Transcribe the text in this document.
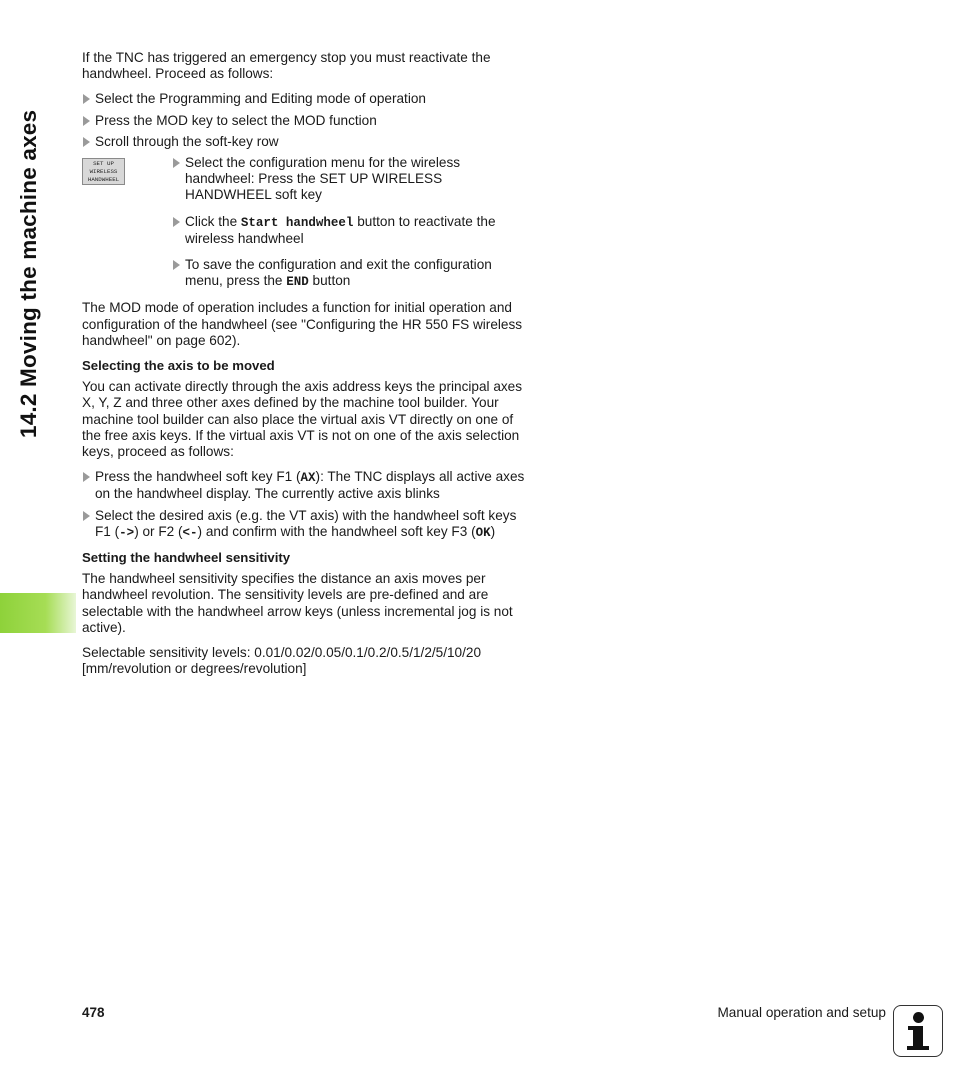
14.2 Moving the machine axes

If the TNC has triggered an emergency stop you must reactivate the handwheel. Proceed as follows:

Select the Programming and Editing mode of operation
Press the MOD key to select the MOD function
Scroll through the soft-key row
SET UP
WIRELESS
HANDWHEEL
Select the configuration menu for the wireless handwheel: Press the SET UP WIRELESS HANDWHEEL soft key
Click the Start handwheel button to reactivate the wireless handwheel
To save the configuration and exit the configuration menu, press the END button

The MOD mode of operation includes a function for initial operation and configuration of the handwheel (see "Configuring the HR 550 FS wireless handwheel" on page 602).

Selecting the axis to be moved

You can activate directly through the axis address keys the principal axes X, Y, Z and three other axes defined by the machine tool builder. Your machine tool builder can also place the virtual axis VT directly on one of the free axis keys. If the virtual axis VT is not on one of the axis selection keys, proceed as follows:

Press the handwheel soft key F1 (AX): The TNC displays all active axes on the handwheel display. The currently active axis blinks
Select the desired axis (e.g. the VT axis) with the handwheel soft keys F1 (->) or F2 (<-) and confirm with the handwheel soft key F3 (OK)

Setting the handwheel sensitivity

The handwheel sensitivity specifies the distance an axis moves per handwheel revolution. The sensitivity levels are pre-defined and are selectable with the handwheel arrow keys (unless incremental jog is not active).

Selectable sensitivity levels: 0.01/0.02/0.05/0.1/0.2/0.5/1/2/5/10/20 [mm/revolution or degrees/revolution]

478	Manual operation and setup
